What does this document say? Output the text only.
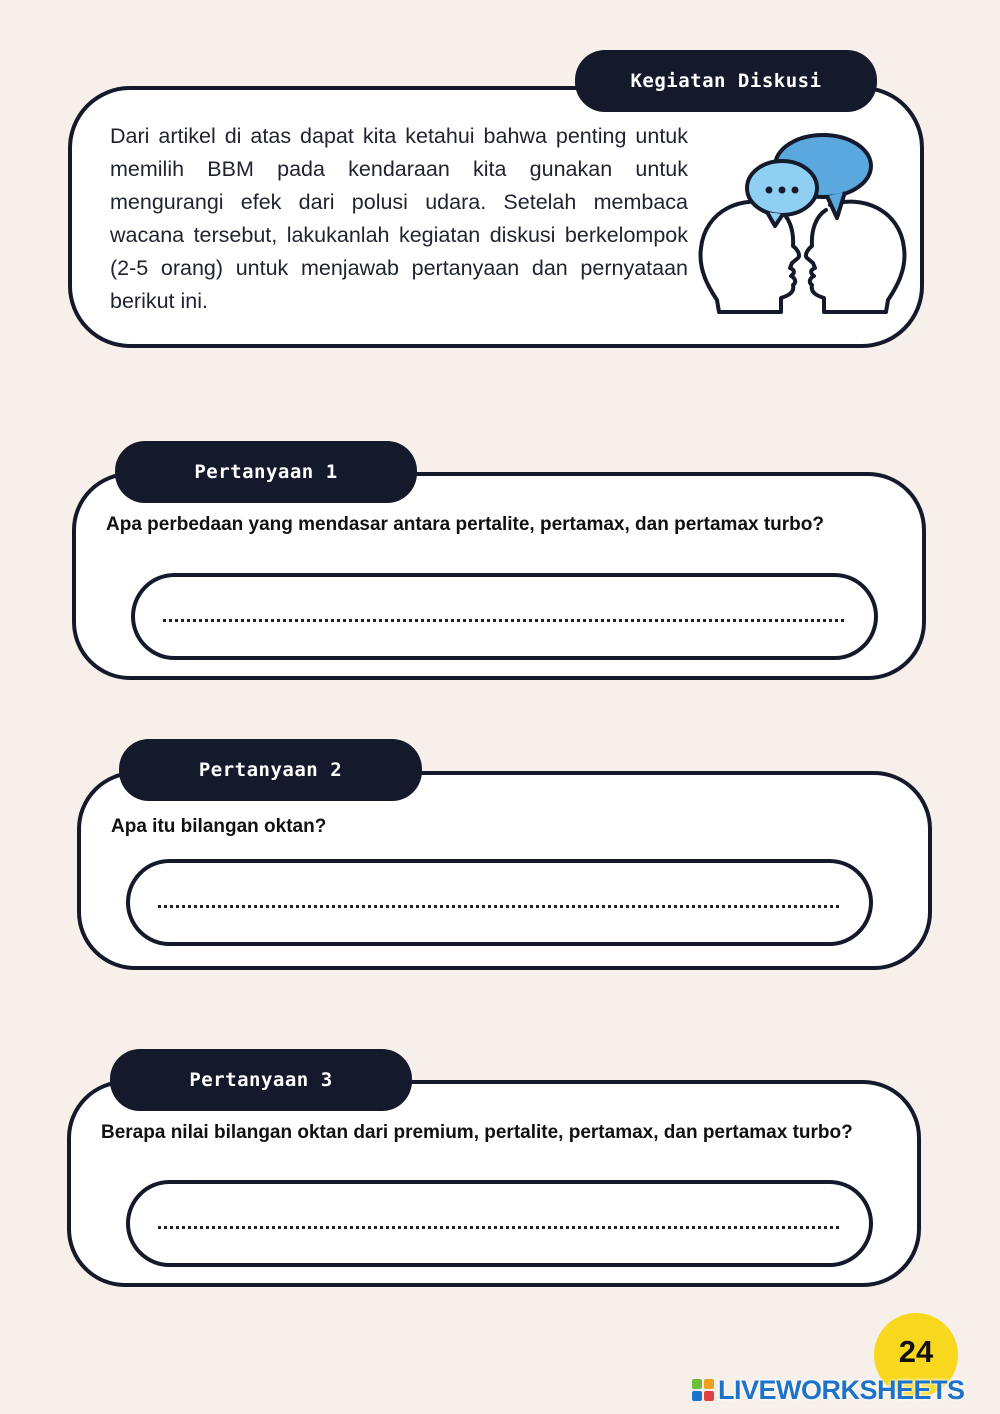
Kegiatan Diskusi
Dari artikel di atas dapat kita ketahui bahwa penting untuk memilih BBM pada kendaraan kita gunakan untuk mengurangi efek dari polusi udara. Setelah membaca wacana tersebut, lakukanlah kegiatan diskusi berkelompok (2-5 orang) untuk menjawab pertanyaan dan pernyataan berikut ini.
Pertanyaan 1
Apa perbedaan yang mendasar antara pertalite, pertamax, dan pertamax turbo?
Pertanyaan 2
Apa itu bilangan oktan?
Pertanyaan 3
Berapa nilai bilangan oktan dari premium, pertalite, pertamax, dan pertamax turbo?
24
LIVEWORKSHEETS
